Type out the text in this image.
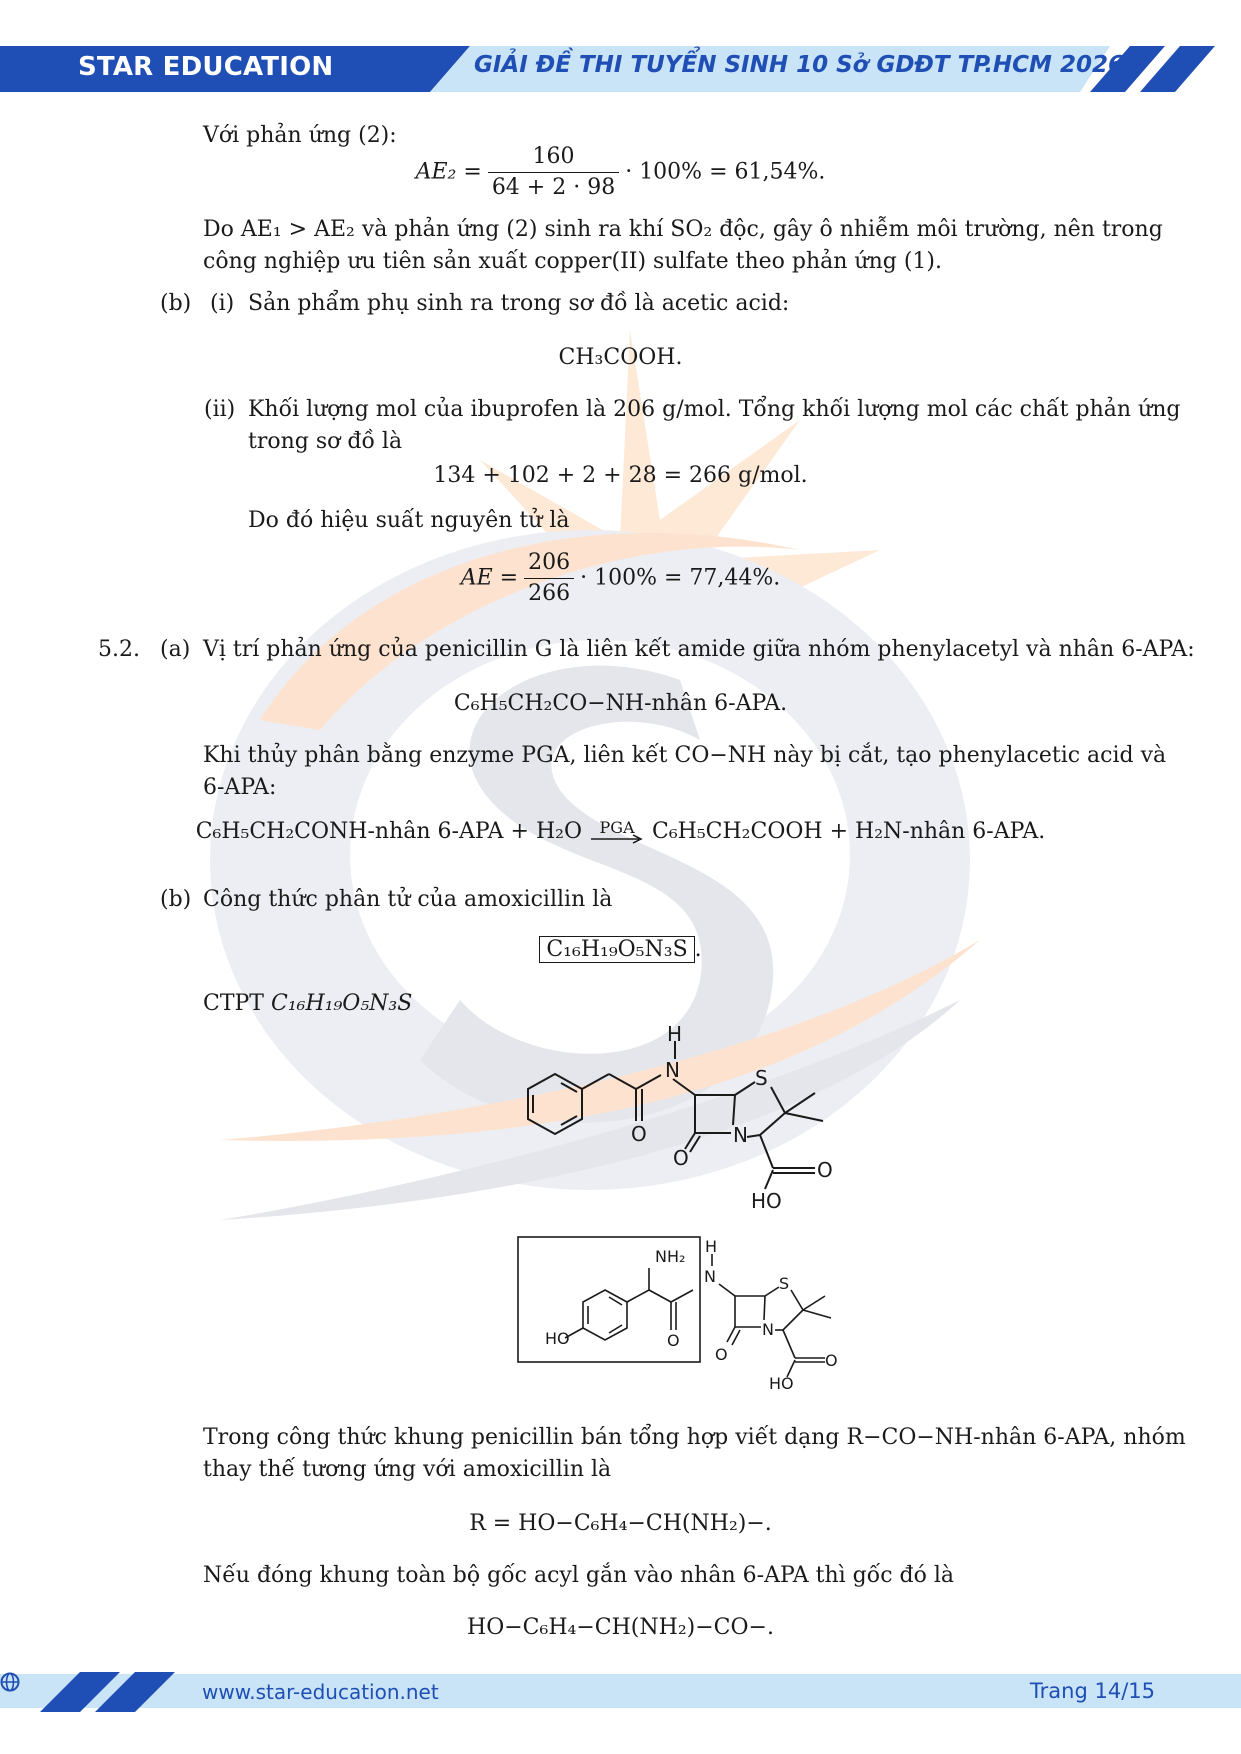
STAR EDUCATION	GIẢI ĐỀ THI TUYỂN SINH 10 Sở GDĐT TP.HCM 2026
www.star-education.net	Trang 14/15
Với phản ứng (2):
$AE_2 = \frac{160}{64 + 2 \cdot 98} \cdot 100\% = 61,54\%$.
Do AE₁ > AE₂ và phản ứng (2) sinh ra khí SO₂ độc, gây ô nhiễm môi trường, nên trong
công nghiệp ưu tiên sản xuất copper(II) sulfate theo phản ứng (1).
(b) (i) Sản phẩm phụ sinh ra trong sơ đồ là acetic acid:
CH₃COOH.
(ii) Khối lượng mol của ibuprofen là 206 g/mol. Tổng khối lượng mol các chất phản ứng
trong sơ đồ là
134 + 102 + 2 + 28 = 266 g/mol.
Do đó hiệu suất nguyên tử là
AE = $\frac{206}{266} \cdot 100\% = 77,44\%$.
5.2. (a) Vị trí phản ứng của penicillin G là liên kết amide giữa nhóm phenylacetyl và nhân 6-APA:
C₆H₅CH₂CO−NH-nhân 6-APA.
Khi thủy phân bằng enzyme PGA, liên kết CO−NH này bị cắt, tạo phenylacetic acid và
6-APA:
C₆H₅CH₂CONH-nhân 6-APA + H₂O	PGA C₆H₅CH₂COOH + H₂N-nhân 6-APA.
(b) Công thức phân tử của amoxicillin là
C₁₆H₁₉O₅N₃S .
CTPT C₁₆H₁₉O₅N₃S
H
N	S
N
O
O	O
HO
NH₂
H
N	S
N
O
O	O
HO
HO
Trong công thức khung penicillin bán tổng hợp viết dạng R−CO−NH-nhân 6-APA, nhóm
thay thế tương ứng với amoxicillin là
R = HO−C₆H₄−CH(NH₂)−.
Nếu đóng khung toàn bộ gốc acyl gắn vào nhân 6-APA thì gốc đó là
HO−C₆H₄−CH(NH₂)−CO−.
